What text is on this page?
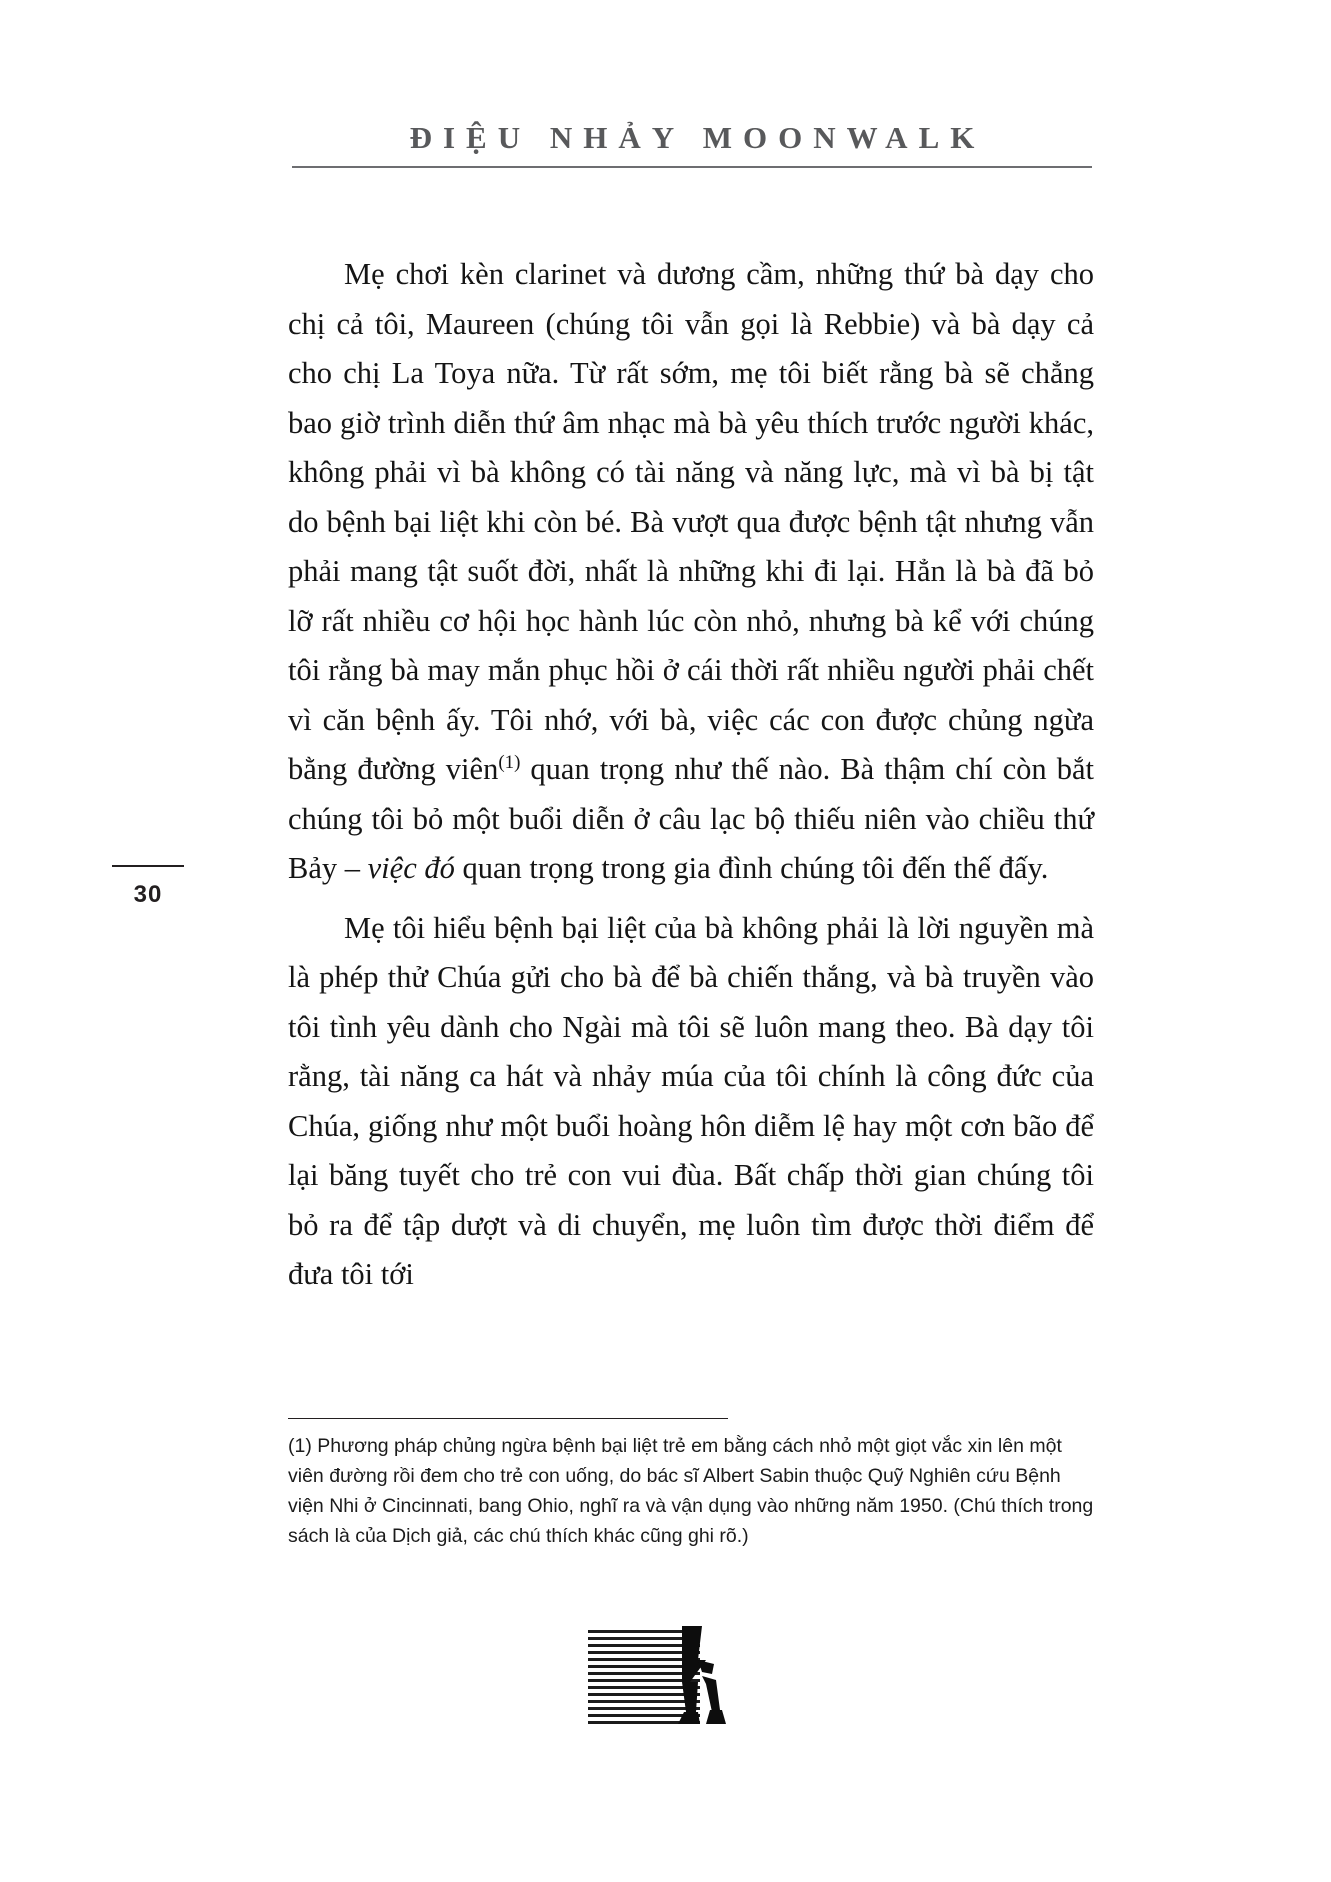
ĐIỆU NHẢY MOONWALK
30

Mẹ chơi kèn clarinet và dương cầm, những thứ bà dạy cho chị cả tôi, Maureen (chúng tôi vẫn gọi là Rebbie) và bà dạy cả cho chị La Toya nữa. Từ rất sớm, mẹ tôi biết rằng bà sẽ chẳng bao giờ trình diễn thứ âm nhạc mà bà yêu thích trước người khác, không phải vì bà không có tài năng và năng lực, mà vì bà bị tật do bệnh bại liệt khi còn bé. Bà vượt qua được bệnh tật nhưng vẫn phải mang tật suốt đời, nhất là những khi đi lại. Hẳn là bà đã bỏ lỡ rất nhiều cơ hội học hành lúc còn nhỏ, nhưng bà kể với chúng tôi rằng bà may mắn phục hồi ở cái thời rất nhiều người phải chết vì căn bệnh ấy. Tôi nhớ, với bà, việc các con được chủng ngừa bằng đường viên$^{(1)}$ quan trọng như thế nào. Bà thậm chí còn bắt chúng tôi bỏ một buổi diễn ở câu lạc bộ thiếu niên vào chiều thứ Bảy – việc đó quan trọng trong gia đình chúng tôi đến thế đấy.

Mẹ tôi hiểu bệnh bại liệt của bà không phải là lời nguyền mà là phép thử Chúa gửi cho bà để bà chiến thắng, và bà truyền vào tôi tình yêu dành cho Ngài mà tôi sẽ luôn mang theo. Bà dạy tôi rằng, tài năng ca hát và nhảy múa của tôi chính là công đức của Chúa, giống như một buổi hoàng hôn diễm lệ hay một cơn bão để lại băng tuyết cho trẻ con vui đùa. Bất chấp thời gian chúng tôi bỏ ra để tập dượt và di chuyển, mẹ luôn tìm được thời điểm để đưa tôi tới

(1) Phương pháp chủng ngừa bệnh bại liệt trẻ em bằng cách nhỏ một giọt vắc xin lên một viên đường rồi đem cho trẻ con uống, do bác sĩ Albert Sabin thuộc Quỹ Nghiên cứu Bệnh viện Nhi ở Cincinnati, bang Ohio, nghĩ ra và vận dụng vào những năm 1950. (Chú thích trong sách là của Dịch giả, các chú thích khác cũng ghi rõ.)
